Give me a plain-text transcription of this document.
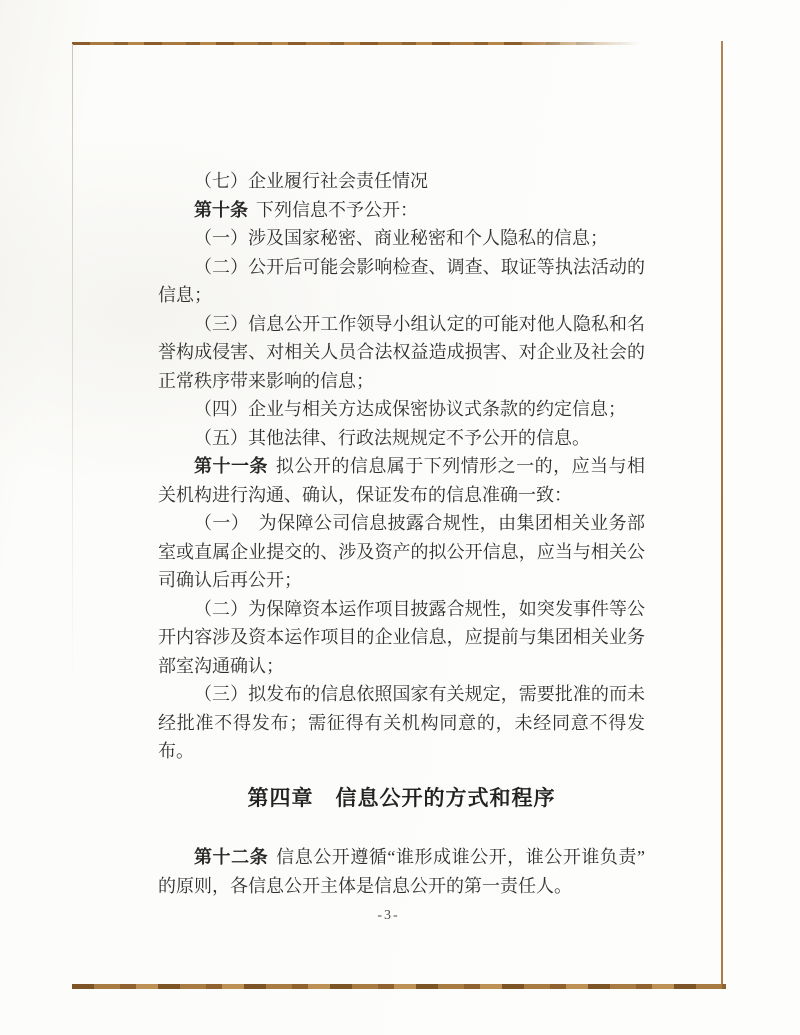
（七）企业履行社会责任情况

第十条 下列信息不予公开：

（一）涉及国家秘密、商业秘密和个人隐私的信息；

（二）公开后可能会影响检查、调查、取证等执法活动的信息；

（三）信息公开工作领导小组认定的可能对他人隐私和名誉构成侵害、对相关人员合法权益造成损害、对企业及社会的正常秩序带来影响的信息；

（四）企业与相关方达成保密协议式条款的约定信息；

（五）其他法律、行政法规规定不予公开的信息。

第十一条 拟公开的信息属于下列情形之一的，应当与相关机构进行沟通、确认，保证发布的信息准确一致：

（一）　为保障公司信息披露合规性，由集团相关业务部室或直属企业提交的、涉及资产的拟公开信息，应当与相关公司确认后再公开；

（二）为保障资本运作项目披露合规性，如突发事件等公开内容涉及资本运作项目的企业信息，应提前与集团相关业务部室沟通确认；

（三）拟发布的信息依照国家有关规定，需要批准的而未经批准不得发布；需征得有关机构同意的，未经同意不得发布。

第四章　信息公开的方式和程序

第十二条 信息公开遵循“谁形成谁公开，谁公开谁负责”的原则，各信息公开主体是信息公开的第一责任人。

-3-
